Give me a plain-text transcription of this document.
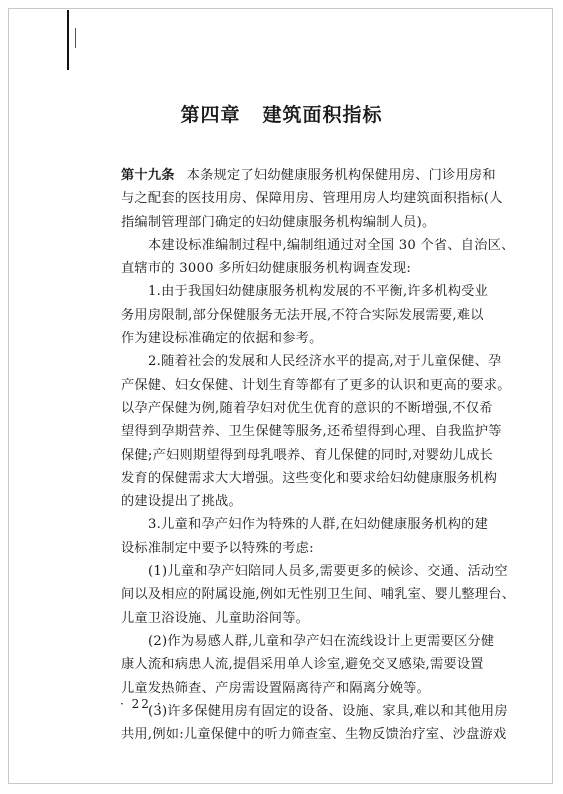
第四章 建筑面积指标
第十九条 本条规定了妇幼健康服务机构保健用房、门诊用房和
与之配套的医技用房、保障用房、管理用房人均建筑面积指标(人
指编制管理部门确定的妇幼健康服务机构编制人员)。
本建设标准编制过程中,编制组通过对全国 30 个省、自治区、
直辖市的 3000 多所妇幼健康服务机构调查发现:
1.由于我国妇幼健康服务机构发展的不平衡,许多机构受业
务用房限制,部分保健服务无法开展,不符合实际发展需要,难以
作为建设标准确定的依据和参考。
2.随着社会的发展和人民经济水平的提高,对于儿童保健、孕
产保健、妇女保健、计划生育等都有了更多的认识和更高的要求。
以孕产保健为例,随着孕妇对优生优育的意识的不断增强,不仅希
望得到孕期营养、卫生保健等服务,还希望得到心理、自我监护等
保健;产妇则期望得到母乳喂养、育儿保健的同时,对婴幼儿成长
发育的保健需求大大增强。这些变化和要求给妇幼健康服务机构
的建设提出了挑战。
3.儿童和孕产妇作为特殊的人群,在妇幼健康服务机构的建
设标准制定中要予以特殊的考虑:
(1)儿童和孕产妇陪同人员多,需要更多的候诊、交通、活动空
间以及相应的附属设施,例如无性别卫生间、哺乳室、婴儿整理台、
儿童卫浴设施、儿童助浴间等。
(2)作为易感人群,儿童和孕产妇在流线设计上更需要区分健
康人流和病患人流,提倡采用单人诊室,避免交叉感染,需要设置
儿童发热筛查、产房需设置隔离待产和隔离分娩等。
(3)许多保健用房有固定的设备、设施、家具,难以和其他用房
共用,例如:儿童保健中的听力筛查室、生物反馈治疗室、沙盘游戏
· 22 ·
